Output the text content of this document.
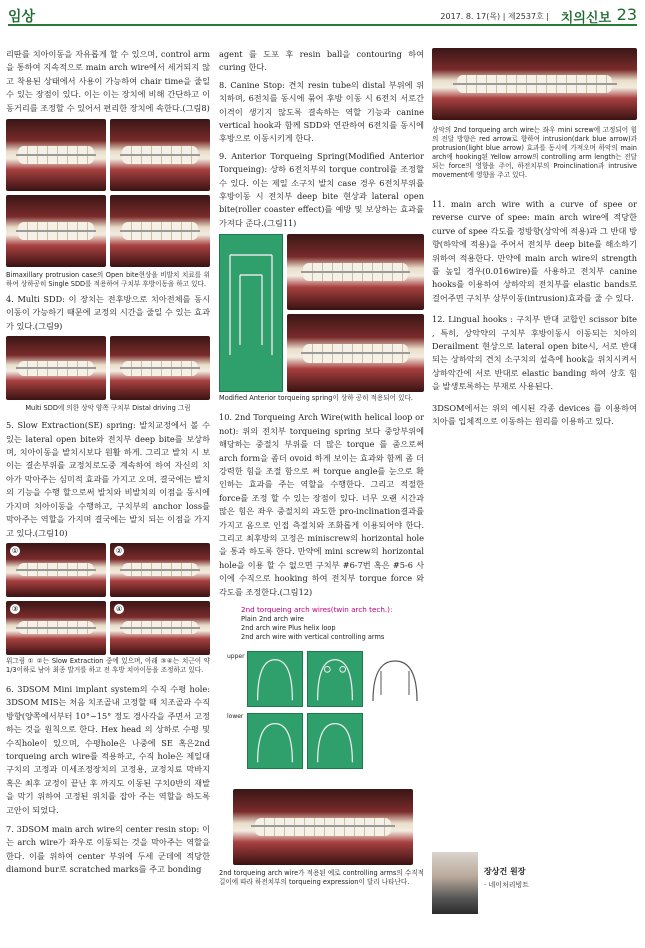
임상	2017. 8. 17(목) | 제2537호 | 치의신보 23

리딴를 치아이동을 자유롭게 할 수 있으며, control arm을 통하여 지속적으로 main arch wire에서 세거되지 않고 착용된 상태에서 사용이 가능하여 chair time을 줄일 수 있는 장점이 있다. 이는 이는 장치에 비해 간단하고 이동거리를 조정할 수 있어서 편리한 장치에 속한다.(그림8)

Bimaxillary protrusion case의 Open bite현상을 비발치 치료를 위하여 상하공히 Single SDD를 적용하여 구치부 후방이동을 하고 있다.

4. Multi SDD: 이 장치는 전후방으로 치아전체를 동시 이동이 가능하기 때문에 교정의 시간을 줄일 수 있는 효과가 있다.(그림9)

Multi SDD에 의한 상악 양쪽 구치부 Distal driving 그림

5. Slow Extraction(SE) spring: 발치교정에서 볼 수 있는 lateral open bite와 전치부 deep bite를 보상하며, 치아이동을 발치시보다 원활 하게. 그리고 발치 시 보이는 결손부위를 교정치로도중 계속하여 하여 자신의 치아가 막아주는 심미적 효과를 가지고 오며, 결국에는 발치의 기능을 수행 할으로써 발치와 비발치의 이점을 동시에 가지며 치아이동을 수행하고, 구치부의 anchor loss를 막아주는 역할을 가지며 결국에는 발치 되는 이점을 가지고 있다.(그림10)

①	②
③	④

위그림 ① ②는 Slow Extraction 중에 있으며, 아래 ③④는 치근이 약 1/3이하로 남아 최종 발거를 하고 전 후방 치아이동을 조정하고 있다.

6. 3DSOM Mini implant system의 수직 수평 hole: 3DSOM MIS는 처음 치조골내 고정할 때 치조골과 수직 방향(양쪽에서부터 10°~15° 정도 경사각을 주면서 고정하는 것을 원칙으로 한다. Hex head 의 상하로 수평 및 수직hole이 있으며, 수평hole은 나중에 SE 혹은2nd torqueing arch wire를 적용하고, 수직 hole은 제일대구치의 고정과 미세조정장치의 고정용, 교정치료 막바지 혹은 최후 교정이 끝난 후 까지도 이동된 구치0반의 재발을 막기 위하여 고정된 위치를 잡아 주는 역할을 하도록 고안이 되었다.

7. 3DSOM main arch wire의 center resin stop: 이는 arch wire가 좌우로 이동되는 것을 막아주는 역할을 한다. 이를 위하여 center 부위에 두세 군데에 적당한 diamond bur로 scratched marks를 주고 bonding

agent 를 도포 후 resin ball을 contouring 하여 curing 한다.

8. Canine Stop: 견치 resin tube의 distal 부위에 위치하며, 6전치를 동시에 묶어 후방 이동 시 6전치 서로간 이격이 생기지 않도록 결속하는 역할 기능과 canine vertical hook과 함께 SDD와 연관하여 6전치를 동시에 후방으로 이동시키게 한다.

9. Anterior Torqueing Spring(Modified Anterior Torqueing): 상하 6전치부의 torque control를 조정할 수 있다. 이는 제일 소구치 발치 case 경우 6전치부위를 후방이동 시 전치부 deep bite 현상과 lateral open bite(roller coaster effect)를 예방 및 보상하는 효과를 가져다 준다.(그림11)

Modified Anterior torqueing spring이 상하 공히 적용되어 있다.

10. 2nd Torqueing Arch Wire(with helical loop or not): 위의 전치부 torqueing spring 보다 중앙부위에 해당하는 중절치 부위를 더 많은 torque 를 줌으로써 arch form을 좀더 ovoid 하게 보이는 효과와 함께 좀 더 강력한 힘을 조절 함으로 써 torque angle를 눈으로 확인하는 효과를 주는 역할을 수행한다. 그리고 적절한 force를 조정 할 수 있는 장점이 있다. 너무 오랜 시간과 많은 힘은 좌우 중절치의 과도한 pro-inclination결과를 가지고 옴으로 인접 측절치와 조화롭게 이용되어야 한다. 그리고 최후방의 고정은 miniscrew의 horizontal hole 을 통과 하도록 한다. 만약에 mini screw의 horizontal hole을 이용 할 수 없으면 구치부 #6-7번 혹은 #5-6 사이에 수직으로 hooking 하여 전치부 torque force 와 각도를 조정한다.(그림12)

2nd torqueing arch wires(twin arch tech.):
Plain 2nd arch wire
2nd arch wire Plus helix loop
2nd arch wire with vertical controlling arms
upper
lower

2nd torqueing arch wire가 적용된 예로 controlling arms의 수직적 길이에 따라 하전치부의 torqueing expression이 달리 나타난다.

상악의 2nd torqueing arch wire는 좌우 mini screw에 고정되어 힘의 전달 방향은 red arrow로 향하여 intrusion(dark blue arrow)과protrusion(light blue arrow) 효과를 동시에 가져오며 하악의 main arch에 hooking된 Yellow arrow의 controlling arm length는 전달되는 force의 영향을 주어, 하전치부의 Proinclination과 intrusive movement에 영향을 주고 있다.

11. main arch wire with a curve of spee or reverse curve of spee: main arch wire에 적당한 curve of spee 각도를 정방향(상악에 적용)과 그 반대 방향(하악에 적용)을 주어서 전치부 deep bite를 해소하기 위하여 적용한다. 만약에 main arch wire의 strength를 높일 경우(0.016wire)를 사용하고 전치부 canine hooks를 이용하여 상하악의 전치부를 elastic bands로걸어주면 구치부 상부이동(intrusion)효과를 줄 수 있다.

12. Lingual hooks : 구치부 반대 교합인 scissor bite , 특히, 상악약의 구치부 후방이동시 이동되는 치아의 Derailment 현상으로 lateral open bite시, 서로 반대되는 상하악의 견치 소구치의 설측에 hook을 위치시켜서 상하악간에 서로 반대로 elastic banding 하여 상호 힘을 발생토록하는 부재로 사용된다.

3DSOM에서는 위의 예시된 각종 devices 를 이용하여 치아를 입체적으로 이동하는 원리를 이용하고 있다.

장상건 원장
· 네이처리빙트
